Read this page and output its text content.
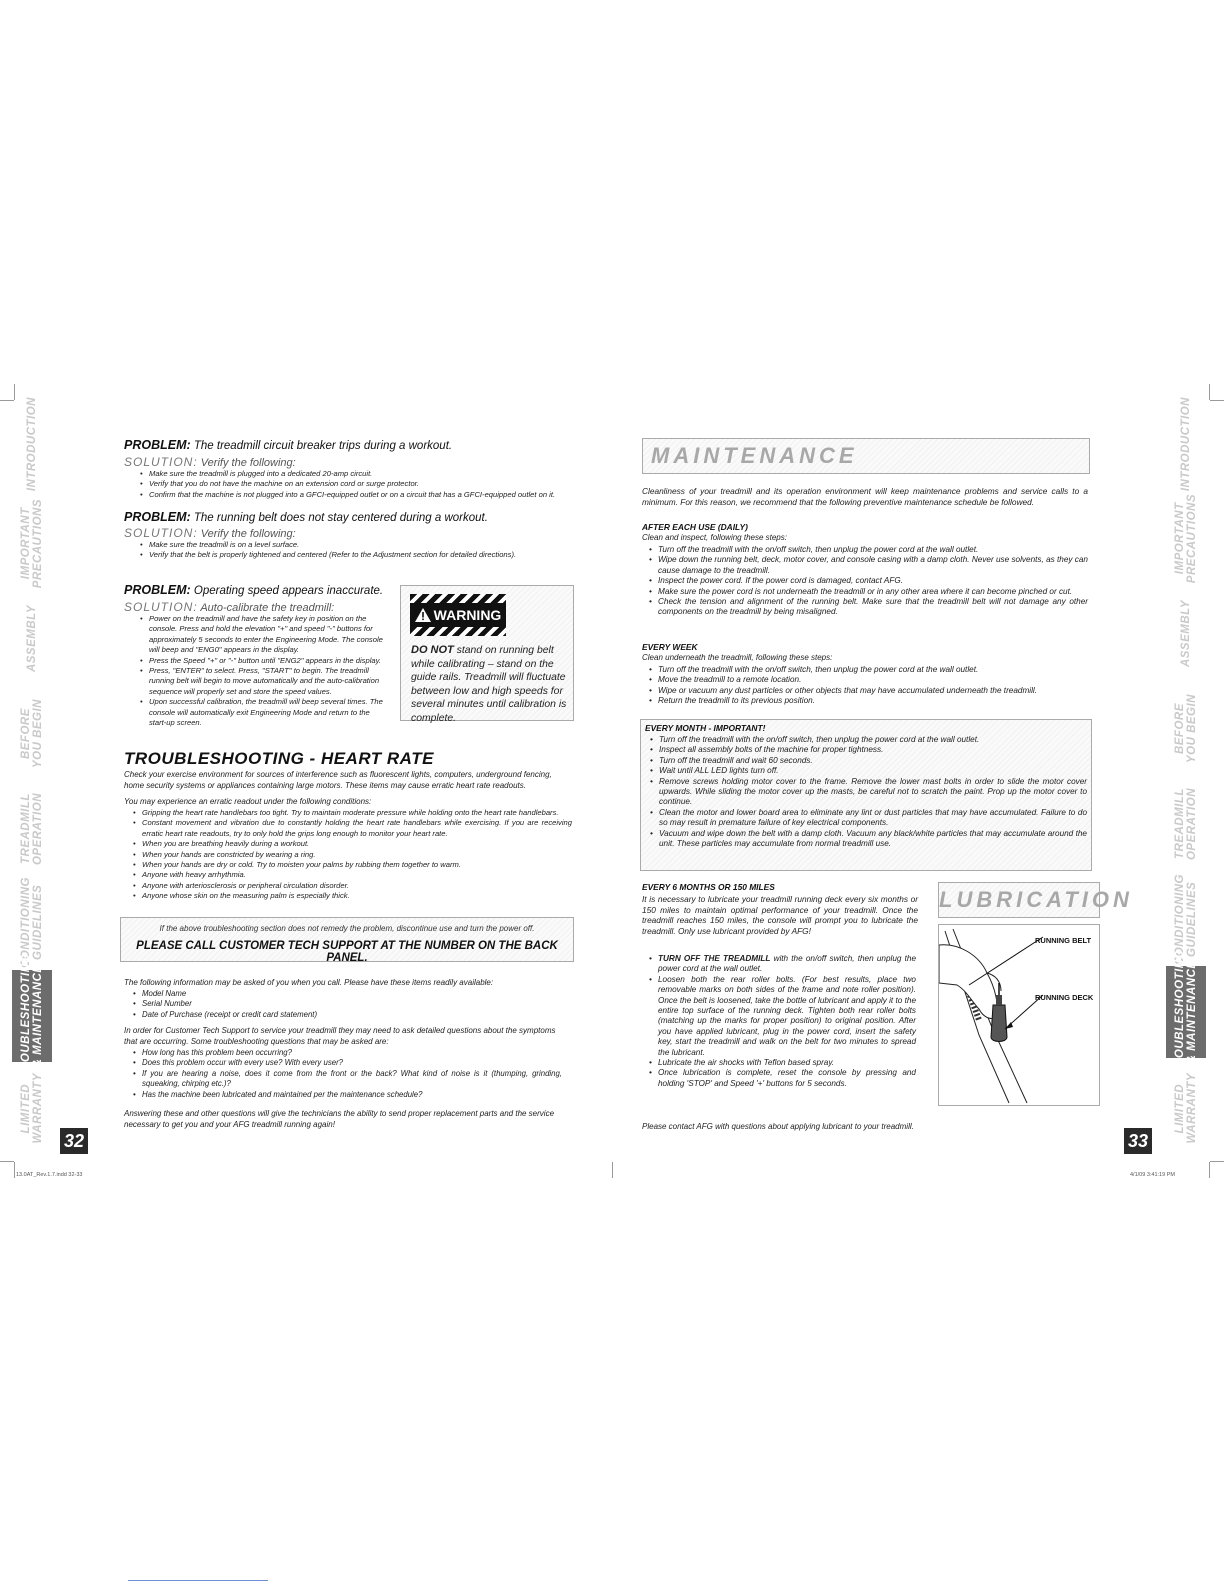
INTRODUCTION
IMPORTANT
PRECAUTIONS
ASSEMBLY
BEFORE
YOU BEGIN
TREADMILL
OPERATION
CONDITIONING
GUIDELINES
TROUBLESHOOTING
& MAINTENANCE
LIMITED
WARRANTY 32
INTRODUCTION
IMPORTANT
PRECAUTIONS
ASSEMBLY
BEFORE
YOU BEGIN
TREADMILL
OPERATION
CONDITIONING
GUIDELINES
TROUBLESHOOTING
& MAINTENANCE
LIMITED
WARRANTY
33
13.0AT_Rev.1.7.indd 32-33	4/1/09 3:41:19 PM
PROBLEM: The treadmill circuit breaker trips during a workout.
SOLUTION: Verify the following:
• Make sure the treadmill is plugged into a dedicated 20-amp circuit.
• Verify that you do not have the machine on an extension cord or surge protector.
• Confirm that the machine is not plugged into a GFCI-equipped outlet or on a circuit that has a GFCI-equipped outlet on it.
PROBLEM: The running belt does not stay centered during a workout.
SOLUTION: Verify the following:
• Make sure the treadmill is on a level surface.
• Verify that the belt is properly tightened and centered (Refer to the Adjustment section for detailed directions).
PROBLEM: Operating speed appears inaccurate.
SOLUTION: Auto-calibrate the treadmill:
• Power on the treadmill and have the safety key in position on the console. Press and hold the elevation "+" and speed "-" buttons for approximately 5 seconds to enter the Engineering Mode. The console will beep and "ENG0" appears in the display.
• Press the Speed "+" or "-" button until "ENG2" appears in the display.
• Press, "ENTER" to select. Press, "START" to begin. The treadmill running belt will begin to move automatically and the auto-calibration sequence will properly set and store the speed values.
• Upon successful calibration, the treadmill will beep several times. The console will automatically exit Engineering Mode and return to the start-up screen.
WARNING
DO NOT stand on running belt while calibrating – stand on the guide rails. Treadmill will fluctuate between low and high speeds for several minutes until calibration is complete.
TROUBLESHOOTING - HEART RATE
Check your exercise environment for sources of interference such as fluorescent lights, computers, underground fencing, home security systems or appliances containing large motors. These items may cause erratic heart rate readouts.
You may experience an erratic readout under the following conditions:
• Gripping the heart rate handlebars too tight. Try to maintain moderate pressure while holding onto the heart rate handlebars.
• Constant movement and vibration due to constantly holding the heart rate handlebars while exercising. If you are receiving erratic heart rate readouts, try to only hold the grips long enough to monitor your heart rate.
• When you are breathing heavily during a workout.
• When your hands are constricted by wearing a ring.
• When your hands are dry or cold. Try to moisten your palms by rubbing them together to warm.
• Anyone with heavy arrhythmia.
• Anyone with arteriosclerosis or peripheral circulation disorder.
• Anyone whose skin on the measuring palm is especially thick.
If the above troubleshooting section does not remedy the problem, discontinue use and turn the power off.
PLEASE CALL CUSTOMER TECH SUPPORT AT THE NUMBER ON THE BACK PANEL.
The following information may be asked of you when you call. Please have these items readily available:
• Model Name
• Serial Number
• Date of Purchase (receipt or credit card statement)
In order for Customer Tech Support to service your treadmill they may need to ask detailed questions about the symptoms that are occurring. Some troubleshooting questions that may be asked are:
• How long has this problem been occurring?
• Does this problem occur with every use? With every user?
• If you are hearing a noise, does it come from the front or the back? What kind of noise is it (thumping, grinding, squeaking, chirping etc.)?
• Has the machine been lubricated and maintained per the maintenance schedule?
Answering these and other questions will give the technicians the ability to send proper replacement parts and the service necessary to get you and your AFG treadmill running again!
MAINTENANCE
Cleanliness of your treadmill and its operation environment will keep maintenance problems and service calls to a minimum. For this reason, we recommend that the following preventive maintenance schedule be followed.
AFTER EACH USE (DAILY)
Clean and inspect, following these steps:
• Turn off the treadmill with the on/off switch, then unplug the power cord at the wall outlet.
• Wipe down the running belt, deck, motor cover, and console casing with a damp cloth. Never use solvents, as they can cause damage to the treadmill.
• Inspect the power cord. If the power cord is damaged, contact AFG.
• Make sure the power cord is not underneath the treadmill or in any other area where it can become pinched or cut.
• Check the tension and alignment of the running belt. Make sure that the treadmill belt will not damage any other components on the treadmill by being misaligned.
EVERY WEEK
Clean underneath the treadmill, following these steps:
• Turn off the treadmill with the on/off switch, then unplug the power cord at the wall outlet.
• Move the treadmill to a remote location.
• Wipe or vacuum any dust particles or other objects that may have accumulated underneath the treadmill.
• Return the treadmill to its previous position.
EVERY MONTH - IMPORTANT!
• Turn off the treadmill with the on/off switch, then unplug the power cord at the wall outlet.
• Inspect all assembly bolts of the machine for proper tightness.
• Turn off the treadmill and wait 60 seconds.
• Wait until ALL LED lights turn off.
• Remove screws holding motor cover to the frame. Remove the lower mast bolts in order to slide the motor cover upwards. While sliding the motor cover up the masts, be careful not to scratch the paint. Prop up the motor cover to continue.
• Clean the motor and lower board area to eliminate any lint or dust particles that may have accumulated. Failure to do so may result in premature failure of key electrical components.
• Vacuum and wipe down the belt with a damp cloth. Vacuum any black/white particles that may accumulate around the unit. These particles may accumulate from normal treadmill use.
EVERY 6 MONTHS OR 150 MILES
It is necessary to lubricate your treadmill running deck every six months or 150 miles to maintain optimal performance of your treadmill. Once the treadmill reaches 150 miles, the console will prompt you to lubricate the treadmill. Only use lubricant provided by AFG!
• TURN OFF THE TREADMILL with the on/off switch, then unplug the power cord at the wall outlet.
• Loosen both the rear roller bolts. (For best results, place two removable marks on both sides of the frame and note roller position). Once the belt is loosened, take the bottle of lubricant and apply it to the entire top surface of the running deck. Tighten both rear roller bolts (matching up the marks for proper position) to original position. After you have applied lubricant, plug in the power cord, insert the safety key, start the treadmill and walk on the belt for two minutes to spread the lubricant.
• Lubricate the air shocks with Teflon based spray.
• Once lubrication is complete, reset the console by pressing and holding 'STOP' and Speed '+' buttons for 5 seconds.
Please contact AFG with questions about applying lubricant to your treadmill.
LUBRICATION
RUNNING BELT
RUNNING DECK
